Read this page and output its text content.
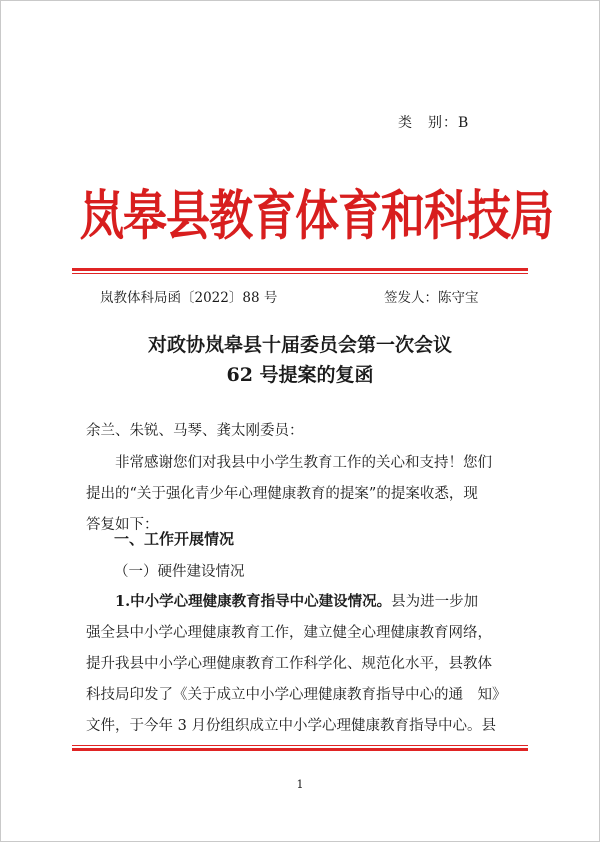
类　别：B
岚皋县教育体育和科技局
岚教体科局函〔2022〕88 号	签发人：陈守宝
对政协岚皋县十届委员会第一次会议
62 号提案的复函
余兰、朱锐、马琴、龚太刚委员：
非常感谢您们对我县中小学生教育工作的关心和支持！您们
提出的“关于强化青少年心理健康教育的提案”的提案收悉，现
答复如下：
一、工作开展情况
（一）硬件建设情况
1.中小学心理健康教育指导中心建设情况。县为进一步加
强全县中小学心理健康教育工作，建立健全心理健康教育网络，
提升我县中小学心理健康教育工作科学化、规范化水平，县教体
科技局印发了《关于成立中小学心理健康教育指导中心的通　知》
文件，于今年 3 月份组织成立中小学心理健康教育指导中心。县
1
